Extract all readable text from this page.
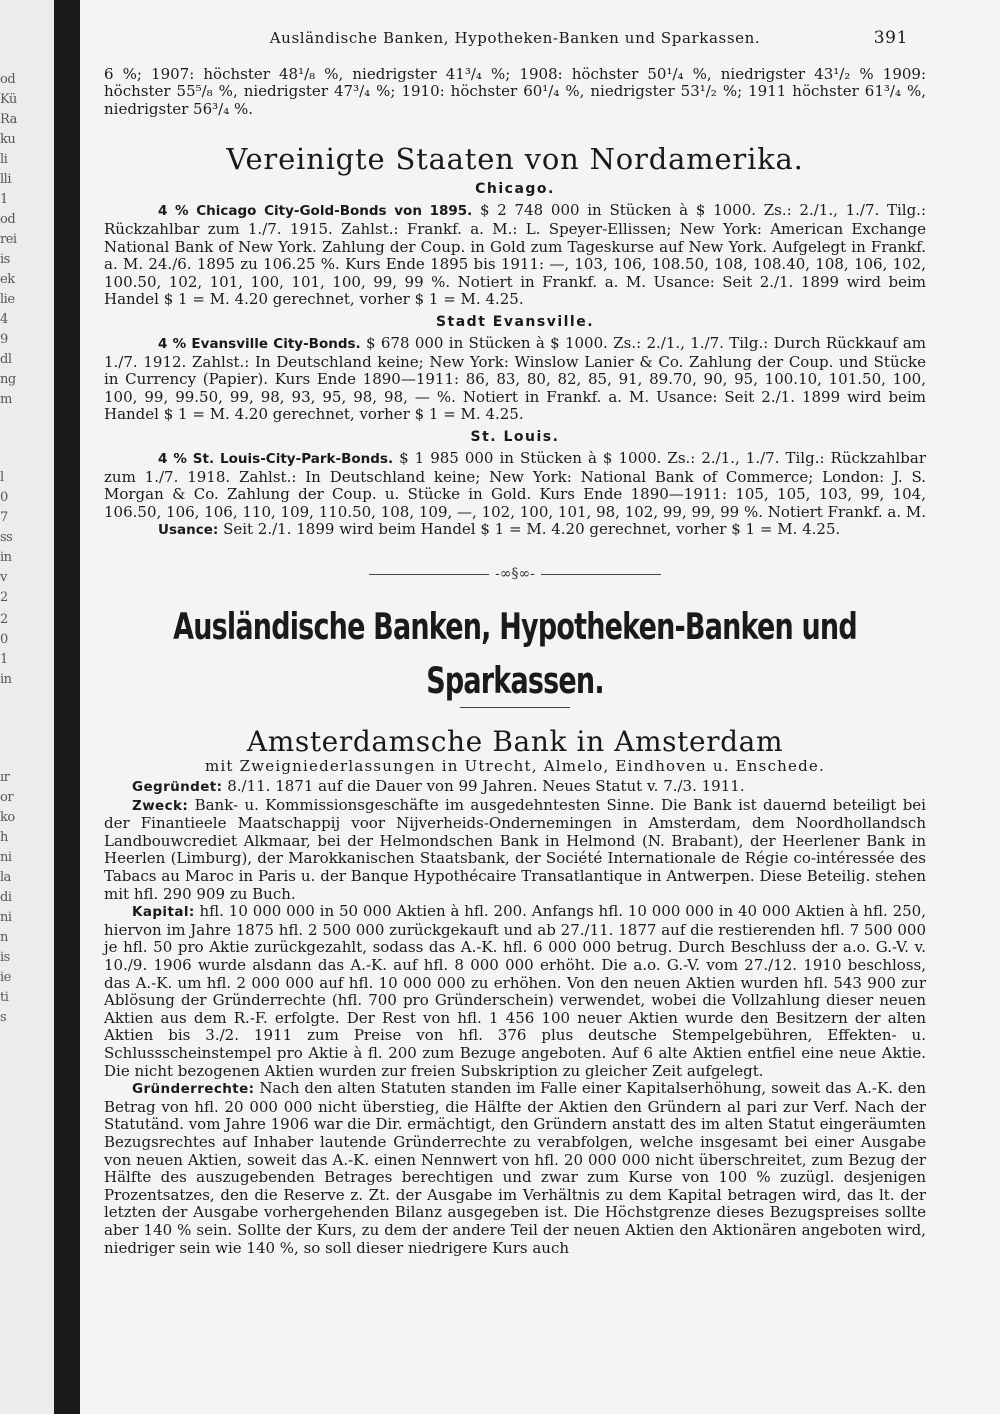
od
Kü
Ra
ku
li
lli
1
od
rei
is
ek
lie
4
9
dl
ng
m
l
0
7
ss
in
v
2
2
0
1
in
ır
or
ko
h
ni
la
di
ni
n
is
ie
ti
s
Ausländische Banken, Hypotheken-Banken und Sparkassen.	391

6 %; 1907: höchster 48¹/₈ %, niedrigster 41³/₄ %; 1908: höchster 50¹/₄ %, niedrigster 43¹/₂ % 1909: höchster 55⁵/₈ %, niedrigster 47³/₄ %; 1910: höchster 60¹/₄ %, niedrigster 53¹/₂ %; 1911 höchster 61³/₄ %, niedrigster 56³/₄ %.

Vereinigte Staaten von Nordamerika.
Chicago.

4 % Chicago City-Gold-Bonds von 1895. $ 2 748 000 in Stücken à $ 1000. Zs.: 2./1., 1./7. Tilg.: Rückzahlbar zum 1./7. 1915. Zahlst.: Frankf. a. M.: L. Speyer-Ellissen; New York: American Exchange National Bank of New York. Zahlung der Coup. in Gold zum Tageskurse auf New York. Aufgelegt in Frankf. a. M. 24./6. 1895 zu 106.25 %. Kurs Ende 1895 bis 1911: —, 103, 106, 108.50, 108, 108.40, 108, 106, 102, 100.50, 102, 101, 100, 101, 100, 99, 99 %. Notiert in Frankf. a. M. Usance: Seit 2./1. 1899 wird beim Handel $ 1 = M. 4.20 gerechnet, vorher $ 1 = M. 4.25.

Stadt Evansville.

4 % Evansville City-Bonds. $ 678 000 in Stücken à $ 1000. Zs.: 2./1., 1./7. Tilg.: Durch Rückkauf am 1./7. 1912. Zahlst.: In Deutschland keine; New York: Winslow Lanier & Co. Zahlung der Coup. und Stücke in Currency (Papier). Kurs Ende 1890—1911: 86, 83, 80, 82, 85, 91, 89.70, 90, 95, 100.10, 101.50, 100, 100, 99, 99.50, 99, 98, 93, 95, 98, 98, — %. Notiert in Frankf. a. M. Usance: Seit 2./1. 1899 wird beim Handel $ 1 = M. 4.20 gerechnet, vorher $ 1 = M. 4.25.

St. Louis.

4 % St. Louis-City-Park-Bonds. $ 1 985 000 in Stücken à $ 1000. Zs.: 2./1., 1./7. Tilg.: Rückzahlbar zum 1./7. 1918. Zahlst.: In Deutschland keine; New York: National Bank of Commerce; London: J. S. Morgan & Co. Zahlung der Coup. u. Stücke in Gold. Kurs Ende 1890—1911: 105, 105, 103, 99, 104, 106.50, 106, 106, 110, 109, 110.50, 108, 109, —, 102, 100, 101, 98, 102, 99, 99, 99 %. Notiert Frankf. a. M.

Usance: Seit 2./1. 1899 wird beim Handel $ 1 = M. 4.20 gerechnet, vorher $ 1 = M. 4.25.

-∞§∞-
Ausländische Banken, Hypotheken-Banken und Sparkassen.
Amsterdamsche Bank in Amsterdam

mit Zweigniederlassungen in Utrecht, Almelo, Eindhoven u. Enschede.

Gegründet: 8./11. 1871 auf die Dauer von 99 Jahren. Neues Statut v. 7./3. 1911.

Zweck: Bank- u. Kommissionsgeschäfte im ausgedehntesten Sinne. Die Bank ist dauernd beteiligt bei der Finantieele Maatschappij voor Nijverheids-Ondernemingen in Amsterdam, dem Noordhollandsch Landbouwcrediet Alkmaar, bei der Helmondschen Bank in Helmond (N. Brabant), der Heerlener Bank in Heerlen (Limburg), der Marokkanischen Staatsbank, der Société Internationale de Régie co-intéressée des Tabacs au Maroc in Paris u. der Banque Hypothécaire Transatlantique in Antwerpen. Diese Beteilig. stehen mit hfl. 290 909 zu Buch.

Kapital: hfl. 10 000 000 in 50 000 Aktien à hfl. 200. Anfangs hfl. 10 000 000 in 40 000 Aktien à hfl. 250, hiervon im Jahre 1875 hfl. 2 500 000 zurückgekauft und ab 27./11. 1877 auf die restierenden hfl. 7 500 000 je hfl. 50 pro Aktie zurückgezahlt, sodass das A.-K. hfl. 6 000 000 betrug. Durch Beschluss der a.o. G.-V. v. 10./9. 1906 wurde alsdann das A.-K. auf hfl. 8 000 000 erhöht. Die a.o. G.-V. vom 27./12. 1910 beschloss, das A.-K. um hfl. 2 000 000 auf hfl. 10 000 000 zu erhöhen. Von den neuen Aktien wurden hfl. 543 900 zur Ablösung der Gründerrechte (hfl. 700 pro Gründerschein) verwendet, wobei die Vollzahlung dieser neuen Aktien aus dem R.-F. erfolgte. Der Rest von hfl. 1 456 100 neuer Aktien wurde den Besitzern der alten Aktien bis 3./2. 1911 zum Preise von hfl. 376 plus deutsche Stempelgebühren, Effekten- u. Schlussscheinstempel pro Aktie à fl. 200 zum Bezuge angeboten. Auf 6 alte Aktien entfiel eine neue Aktie. Die nicht bezogenen Aktien wurden zur freien Subskription zu gleicher Zeit aufgelegt.

Gründerrechte: Nach den alten Statuten standen im Falle einer Kapitalserhöhung, soweit das A.-K. den Betrag von hfl. 20 000 000 nicht überstieg, die Hälfte der Aktien den Gründern al pari zur Verf. Nach der Statutänd. vom Jahre 1906 war die Dir. ermächtigt, den Gründern anstatt des im alten Statut eingeräumten Bezugsrechtes auf Inhaber lautende Gründerrechte zu verabfolgen, welche insgesamt bei einer Ausgabe von neuen Aktien, soweit das A.-K. einen Nennwert von hfl. 20 000 000 nicht überschreitet, zum Bezug der Hälfte des auszugebenden Betrages berechtigen und zwar zum Kurse von 100 % zuzügl. desjenigen Prozentsatzes, den die Reserve z. Zt. der Ausgabe im Verhältnis zu dem Kapital betragen wird, das lt. der letzten der Ausgabe vorhergehenden Bilanz ausgegeben ist. Die Höchstgrenze dieses Bezugspreises sollte aber 140 % sein. Sollte der Kurs, zu dem der andere Teil der neuen Aktien den Aktionären angeboten wird, niedriger sein wie 140 %, so soll dieser niedrigere Kurs auch
